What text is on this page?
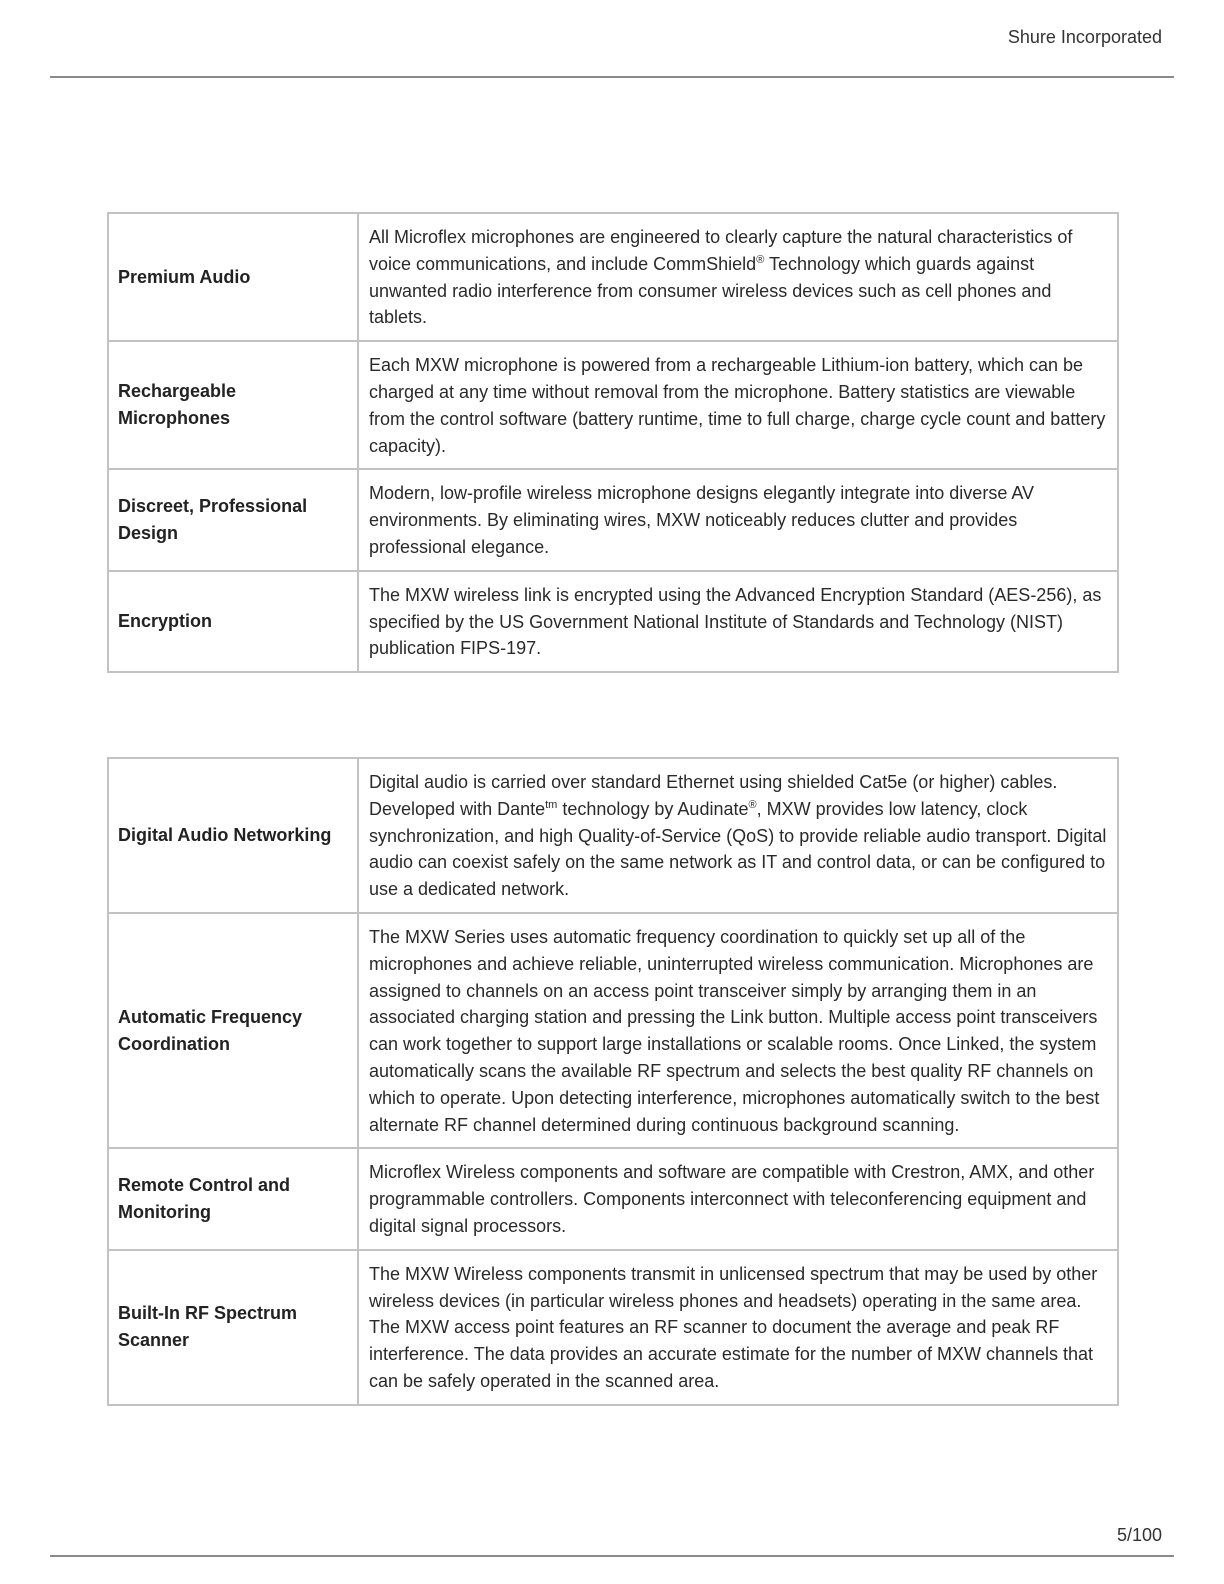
Shure Incorporated
Premium Audio	All Microflex microphones are engineered to clearly capture the natural characteristics of voice communications, and include CommShield® Technology which guards against unwanted radio interference from consumer wireless devices such as cell phones and tablets.
Rechargeable Microphones	Each MXW microphone is powered from a rechargeable Lithium-ion battery, which can be charged at any time without removal from the microphone. Battery statistics are viewable from the control software (battery runtime, time to full charge, charge cycle count and battery capacity).
Discreet, Professional Design	Modern, low-profile wireless microphone designs elegantly integrate into diverse AV environments. By eliminating wires, MXW noticeably reduces clutter and provides professional elegance.
Encryption	The MXW wireless link is encrypted using the Advanced Encryption Standard (AES-256), as specified by the US Government National Institute of Standards and Technology (NIST) publication FIPS-197.
Digital Audio Networking	Digital audio is carried over standard Ethernet using shielded Cat5e (or higher) cables. Developed with Dante$^{tm}$ technology by Audinate®, MXW provides low latency, clock synchronization, and high Quality-of-Service (QoS) to provide reliable audio transport. Digital audio can coexist safely on the same network as IT and control data, or can be configured to use a dedicated network.
Automatic Frequency Coordination	The MXW Series uses automatic frequency coordination to quickly set up all of the microphones and achieve reliable, uninterrupted wireless communication. Microphones are assigned to channels on an access point transceiver simply by arranging them in an associated charging station and pressing the Link button. Multiple access point transceivers can work together to support large installations or scalable rooms. Once Linked, the system automatically scans the available RF spectrum and selects the best quality RF channels on which to operate. Upon detecting interference, microphones automatically switch to the best alternate RF channel determined during continuous background scanning.
Remote Control and Monitoring	Microflex Wireless components and software are compatible with Crestron, AMX, and other programmable controllers. Components interconnect with teleconferencing equipment and digital signal processors.
Built-In RF Spectrum Scanner	The MXW Wireless components transmit in unlicensed spectrum that may be used by other wireless devices (in particular wireless phones and headsets) operating in the same area. The MXW access point features an RF scanner to document the average and peak RF interference. The data provides an accurate estimate for the number of MXW channels that can be safely operated in the scanned area.
5/100
